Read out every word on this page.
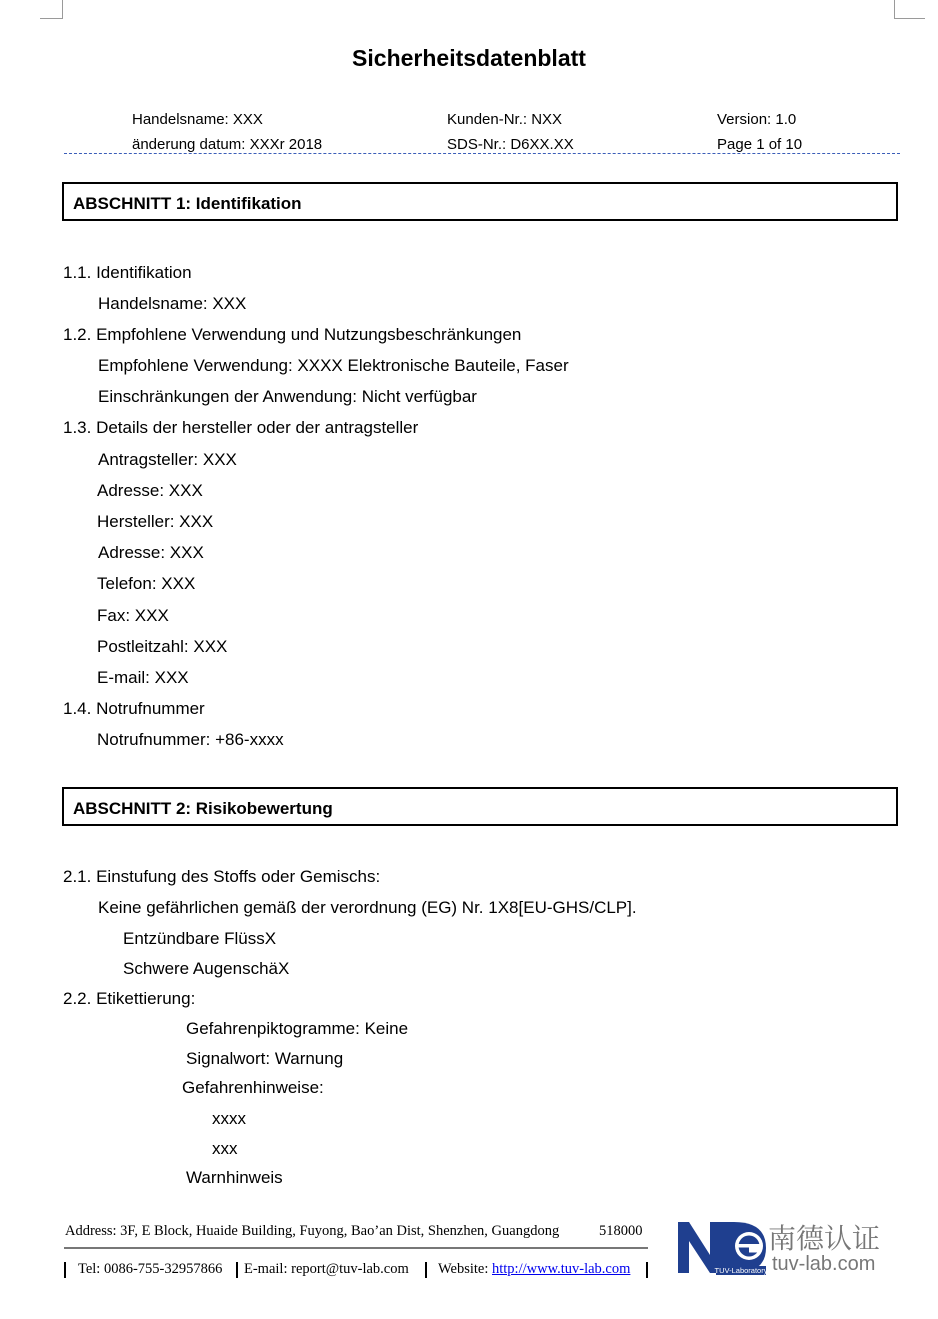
Sicherheitsdatenblatt
Handelsname: XXX
änderung datum: XXXr 2018
Kunden-Nr.: NXX
SDS-Nr.: D6XX.XX
Version: 1.0
Page 1 of 10
ABSCHNITT 1: Identifikation
1.1. Identifikation
Handelsname: XXX
1.2. Empfohlene Verwendung und Nutzungsbeschränkungen
Empfohlene Verwendung: XXXX Elektronische Bauteile, Faser
Einschränkungen der Anwendung: Nicht verfügbar
1.3. Details der hersteller oder der antragsteller
Antragsteller: XXX
Adresse: XXX
Hersteller: XXX
Adresse: XXX
Telefon: XXX
Fax: XXX
Postleitzahl: XXX
E-mail: XXX
1.4. Notrufnummer
Notrufnummer: +86-xxxx
ABSCHNITT 2: Risikobewertung
2.1. Einstufung des Stoffs oder Gemischs:
Keine gefährlichen gemäß der verordnung (EG) Nr. 1X8[EU-GHS/CLP].
Entzündbare FlüssX
Schwere AugenschäX
2.2. Etikettierung:
Gefahrenpiktogramme: Keine
Signalwort: Warnung
Gefahrenhinweise:
xxxx
xxx
Warnhinweis
Address: 3F, E Block, Huaide Building, Fuyong, Bao’an Dist, Shenzhen, Guangdong	518000
Tel: 0086-755-32957866 E-mail: report@tuv-lab.com Website: http://www.tuv-lab.com	TUV-Laboratory
南德认证
tuv-lab.com
